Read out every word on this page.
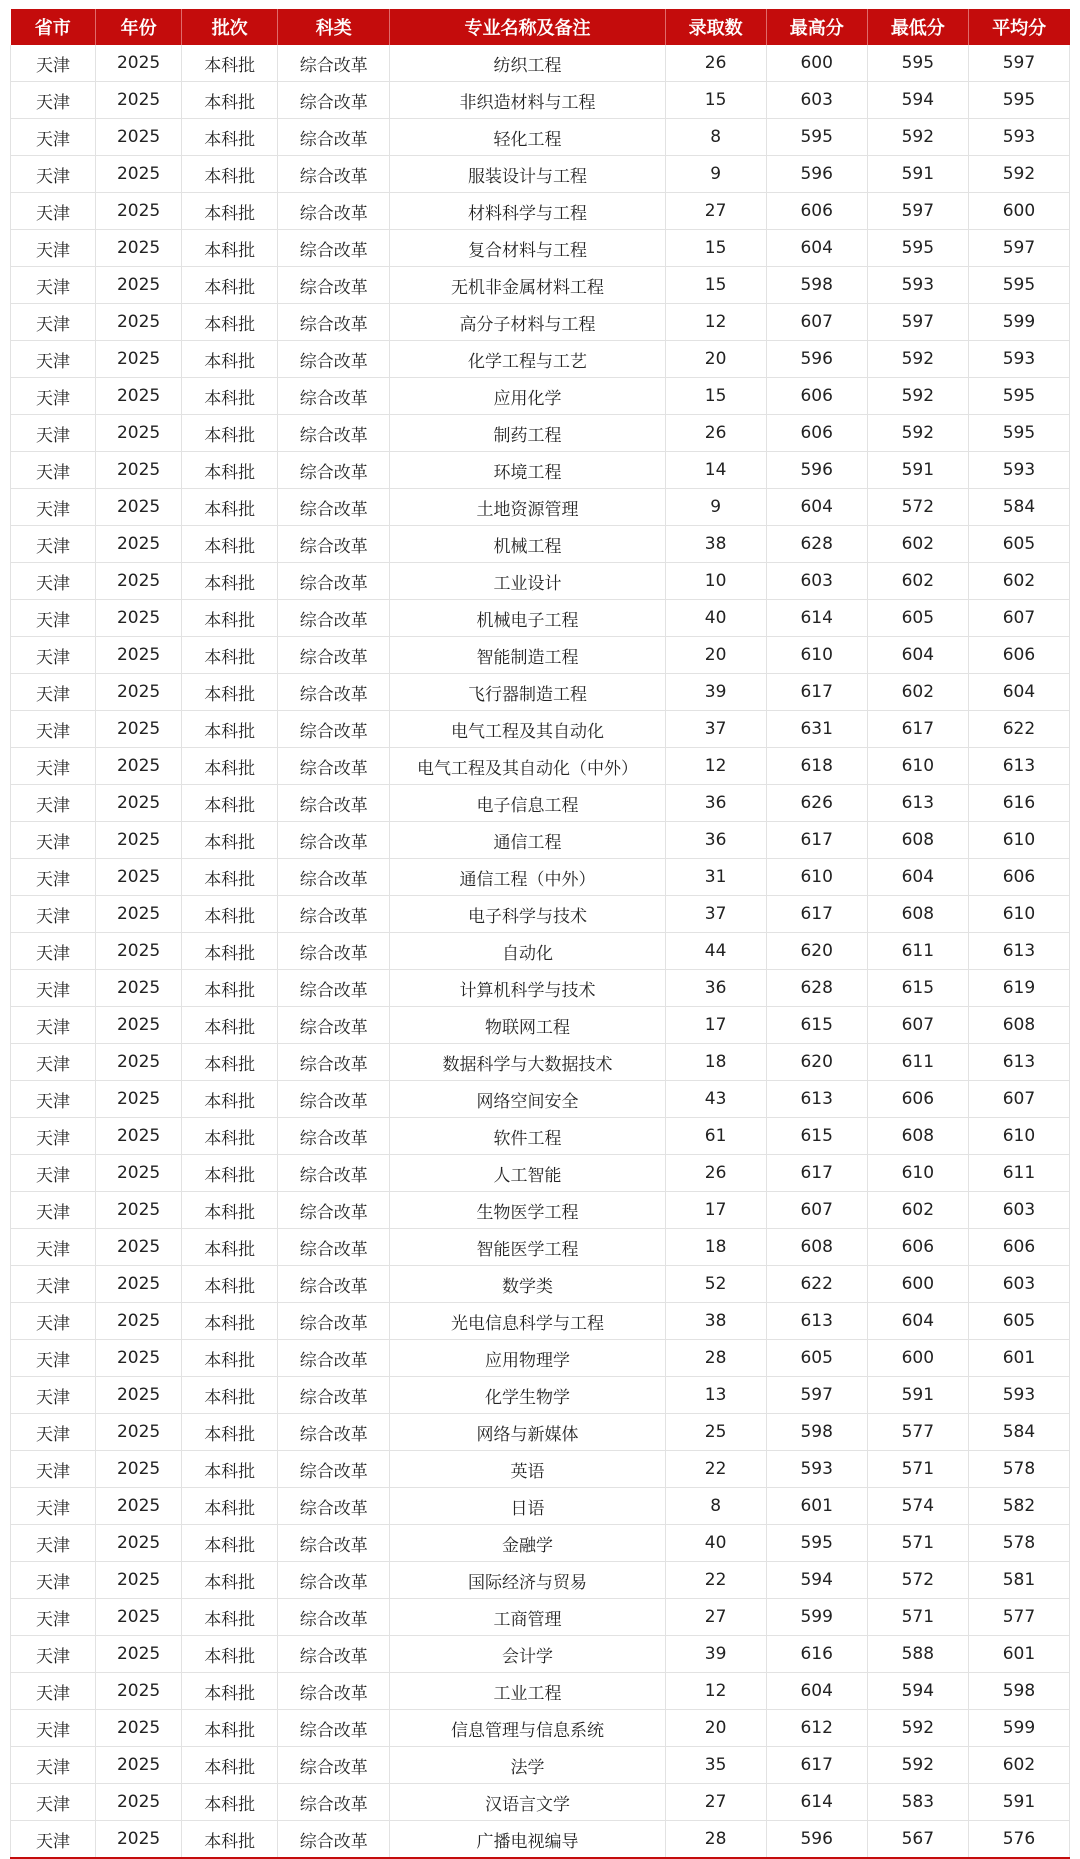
省市	年份	批次	科类	专业名称及备注	录取数	最高分	最低分	平均分
天津	2025	本科批	综合改革	纺织工程	26	600	595	597
天津	2025	本科批	综合改革	非织造材料与工程	15	603	594	595
天津	2025	本科批	综合改革	轻化工程	8	595	592	593
天津	2025	本科批	综合改革	服装设计与工程	9	596	591	592
天津	2025	本科批	综合改革	材料科学与工程	27	606	597	600
天津	2025	本科批	综合改革	复合材料与工程	15	604	595	597
天津	2025	本科批	综合改革	无机非金属材料工程	15	598	593	595
天津	2025	本科批	综合改革	高分子材料与工程	12	607	597	599
天津	2025	本科批	综合改革	化学工程与工艺	20	596	592	593
天津	2025	本科批	综合改革	应用化学	15	606	592	595
天津	2025	本科批	综合改革	制药工程	26	606	592	595
天津	2025	本科批	综合改革	环境工程	14	596	591	593
天津	2025	本科批	综合改革	土地资源管理	9	604	572	584
天津	2025	本科批	综合改革	机械工程	38	628	602	605
天津	2025	本科批	综合改革	工业设计	10	603	602	602
天津	2025	本科批	综合改革	机械电子工程	40	614	605	607
天津	2025	本科批	综合改革	智能制造工程	20	610	604	606
天津	2025	本科批	综合改革	飞行器制造工程	39	617	602	604
天津	2025	本科批	综合改革	电气工程及其自动化	37	631	617	622
天津	2025	本科批	综合改革	电气工程及其自动化（中外）	12	618	610	613
天津	2025	本科批	综合改革	电子信息工程	36	626	613	616
天津	2025	本科批	综合改革	通信工程	36	617	608	610
天津	2025	本科批	综合改革	通信工程（中外）	31	610	604	606
天津	2025	本科批	综合改革	电子科学与技术	37	617	608	610
天津	2025	本科批	综合改革	自动化	44	620	611	613
天津	2025	本科批	综合改革	计算机科学与技术	36	628	615	619
天津	2025	本科批	综合改革	物联网工程	17	615	607	608
天津	2025	本科批	综合改革	数据科学与大数据技术	18	620	611	613
天津	2025	本科批	综合改革	网络空间安全	43	613	606	607
天津	2025	本科批	综合改革	软件工程	61	615	608	610
天津	2025	本科批	综合改革	人工智能	26	617	610	611
天津	2025	本科批	综合改革	生物医学工程	17	607	602	603
天津	2025	本科批	综合改革	智能医学工程	18	608	606	606
天津	2025	本科批	综合改革	数学类	52	622	600	603
天津	2025	本科批	综合改革	光电信息科学与工程	38	613	604	605
天津	2025	本科批	综合改革	应用物理学	28	605	600	601
天津	2025	本科批	综合改革	化学生物学	13	597	591	593
天津	2025	本科批	综合改革	网络与新媒体	25	598	577	584
天津	2025	本科批	综合改革	英语	22	593	571	578
天津	2025	本科批	综合改革	日语	8	601	574	582
天津	2025	本科批	综合改革	金融学	40	595	571	578
天津	2025	本科批	综合改革	国际经济与贸易	22	594	572	581
天津	2025	本科批	综合改革	工商管理	27	599	571	577
天津	2025	本科批	综合改革	会计学	39	616	588	601
天津	2025	本科批	综合改革	工业工程	12	604	594	598
天津	2025	本科批	综合改革	信息管理与信息系统	20	612	592	599
天津	2025	本科批	综合改革	法学	35	617	592	602
天津	2025	本科批	综合改革	汉语言文学	27	614	583	591
天津	2025	本科批	综合改革	广播电视编导	28	596	567	576
